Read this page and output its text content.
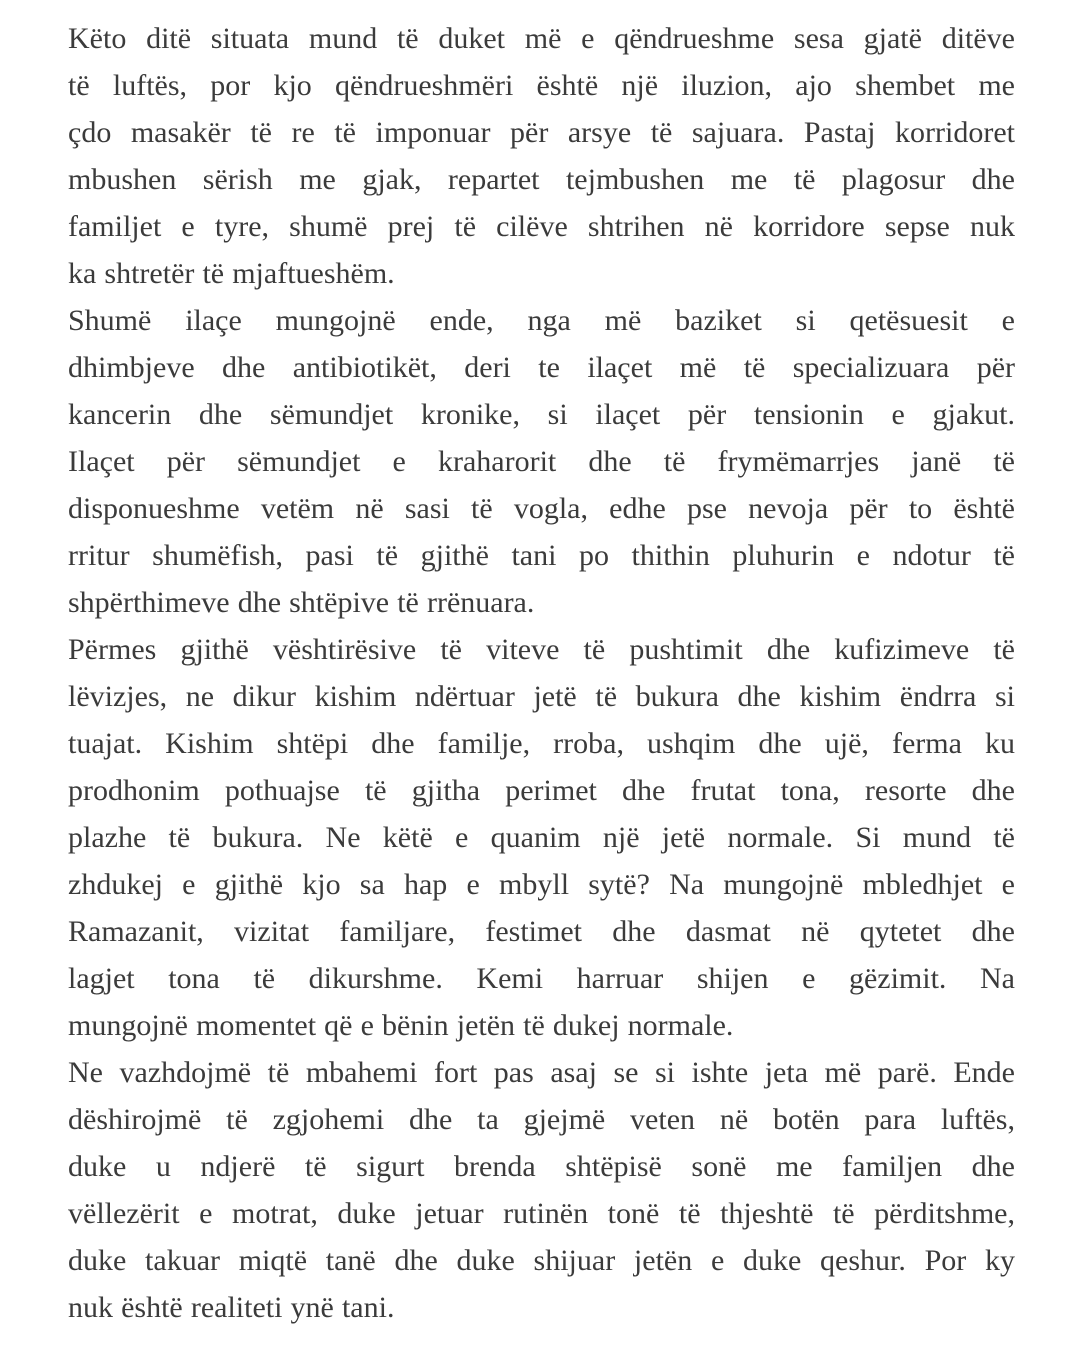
Këto ditë situata mund të duket më e qëndrueshme sesa gjatë ditëve
të luftës, por kjo qëndrueshmëri është një iluzion, ajo shembet me
çdo masakër të re të imponuar për arsye të sajuara. Pastaj korridoret
mbushen sërish me gjak, repartet tejmbushen me të plagosur dhe
familjet e tyre, shumë prej të cilëve shtrihen në korridore sepse nuk
ka shtretër të mjaftueshëm.
Shumë ilaçe mungojnë ende, nga më baziket si qetësuesit e
dhimbjeve dhe antibiotikët, deri te ilaçet më të specializuara për
kancerin dhe sëmundjet kronike, si ilaçet për tensionin e gjakut.
Ilaçet për sëmundjet e kraharorit dhe të frymëmarrjes janë të
disponueshme vetëm në sasi të vogla, edhe pse nevoja për to është
rritur shumëfish, pasi të gjithë tani po thithin pluhurin e ndotur të
shpërthimeve dhe shtëpive të rrënuara.
Përmes gjithë vështirësive të viteve të pushtimit dhe kufizimeve të
lëvizjes, ne dikur kishim ndërtuar jetë të bukura dhe kishim ëndrra si
tuajat. Kishim shtëpi dhe familje, rroba, ushqim dhe ujë, ferma ku
prodhonim pothuajse të gjitha perimet dhe frutat tona, resorte dhe
plazhe të bukura. Ne këtë e quanim një jetë normale. Si mund të
zhdukej e gjithë kjo sa hap e mbyll sytë? Na mungojnë mbledhjet e
Ramazanit, vizitat familjare, festimet dhe dasmat në qytetet dhe
lagjet tona të dikurshme. Kemi harruar shijen e gëzimit. Na
mungojnë momentet që e bënin jetën të dukej normale.
Ne vazhdojmë të mbahemi fort pas asaj se si ishte jeta më parë. Ende
dëshirojmë të zgjohemi dhe ta gjejmë veten në botën para luftës,
duke u ndjerë të sigurt brenda shtëpisë sonë me familjen dhe
vëllezërit e motrat, duke jetuar rutinën tonë të thjeshtë të përditshme,
duke takuar miqtë tanë dhe duke shijuar jetën e duke qeshur. Por ky
nuk është realiteti ynë tani.
